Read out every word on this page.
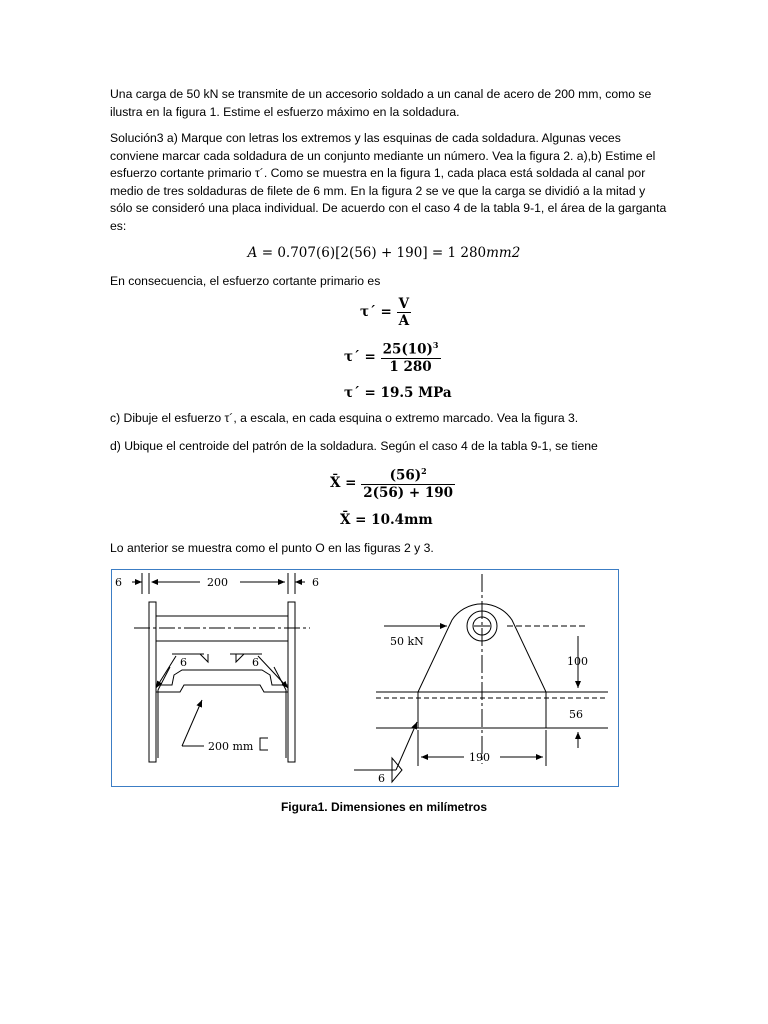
Una carga de 50 kN se transmite de un accesorio soldado a un canal de acero de 200 mm, como se ilustra en la figura 1. Estime el esfuerzo máximo en la soldadura.

Solución3 a) Marque con letras los extremos y las esquinas de cada soldadura. Algunas veces conviene marcar cada soldadura de un conjunto mediante un número. Vea la figura 2. a),b) Estime el esfuerzo cortante primario τ´. Como se muestra en la figura 1, cada placa está soldada al canal por medio de tres soldaduras de filete de 6 mm. En la figura 2 se ve que la carga se dividió a la mitad y sólo se consideró una placa individual. De acuerdo con el caso 4 de la tabla 9-1, el área de la garganta es:

A = 0.707(6)[2(56) + 190] = 1 280mm2

En consecuencia, el esfuerzo cortante primario es

τ´ = $\frac{V}{A}$
τ´ = $\frac{25(10)^3}{1 280}$
τ´ = 19.5 MPa

c) Dibuje el esfuerzo τ´, a escala, en cada esquina o extremo marcado. Vea la figura 3.

d) Ubique el centroide del patrón de la soldadura. Según el caso 4 de la tabla 9-1, se tiene

X̄ = $\frac{(56)^2}{2(56) + 190}$
X̄ = 10.4mm

Lo anterior se muestra como el punto O en las figuras 2 y 3.

6	200	6
6	6
200 mm
50 kN
100
56
190
6
Figura1. Dimensiones en milímetros
